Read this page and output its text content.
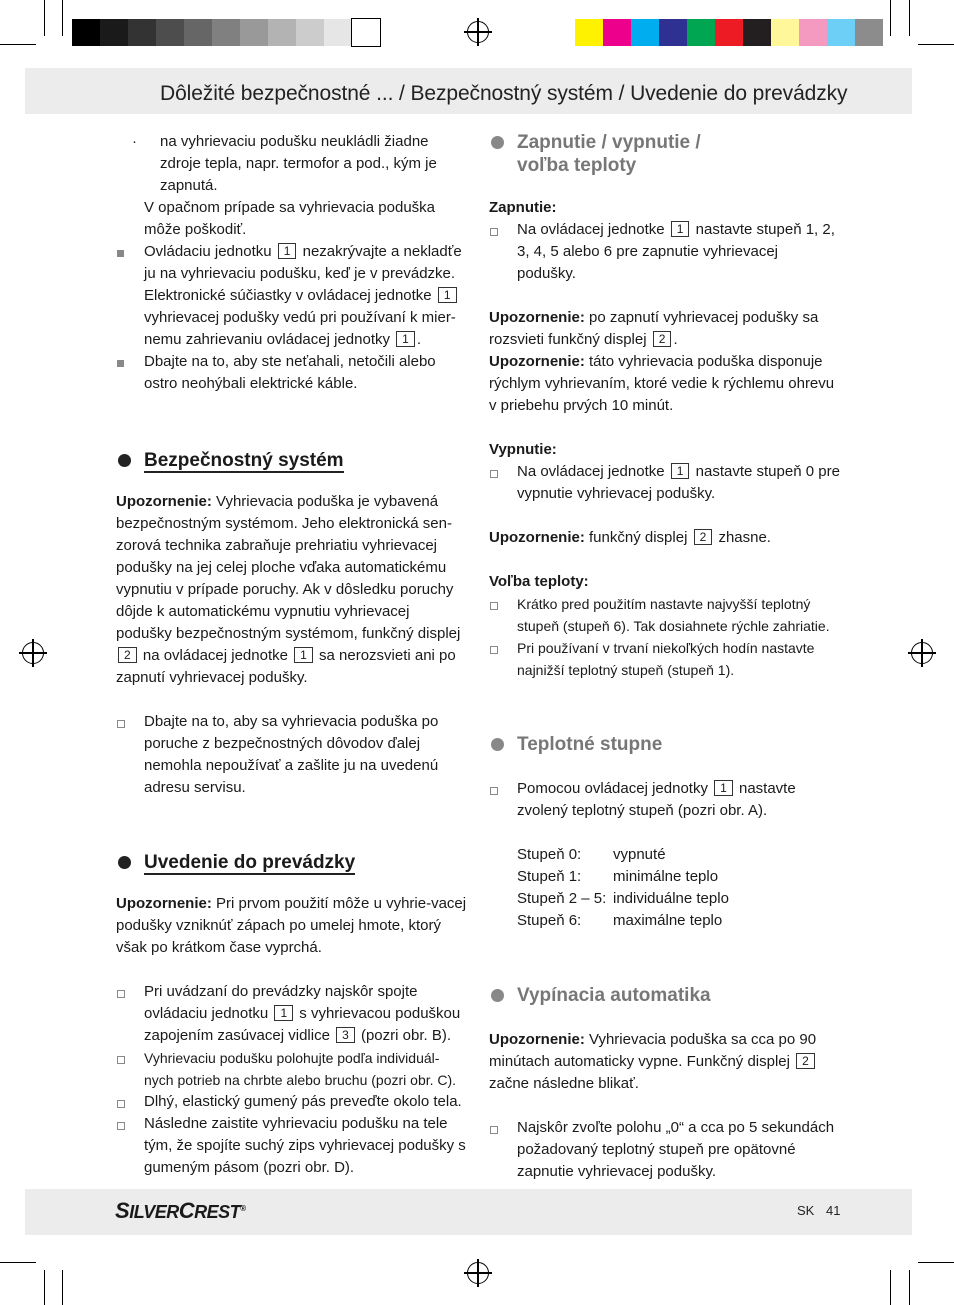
Dôležité bezpečnostné ... / Bezpečnostný systém / Uvedenie do prevádzky
· na vyhrievaciu podušku neukládli žiadne zdroje tepla, napr. termofor a pod., kým je zapnutá.

V opačnom prípade sa vyhrievacia poduška môže poškodiť.

Ovládaciu jednotku 1 nezakrývajte a nekladťe ju na vyhrievaciu podušku, keď je v prevádzke. Elektronické súčiastky v ovládacej jednotke 1 vyhrievacej podušky vedú pri používaní k mier-nemu zahrievaniu ovládacej jednotky 1 .

Dbajte na to, aby ste neťahali, netočili alebo ostro neohýbali elektrické káble.

Bezpečnostný systém

Upozornenie: Vyhrievacia poduška je vybavená bezpečnostným systémom. Jeho elektronická sen-zorová technika zabraňuje prehriatiu vyhrievacej podušky na jej celej ploche vďaka automatickému vypnutiu v prípade poruchy. Ak v dôsledku poruchy dôjde k automatickému vypnutiu vyhrievacej podušky bezpečnostným systémom, funkčný displej 2 na ovládacej jednotke 1 sa nerozsvieti ani po zapnutí vyhrievacej podušky.

Dbajte na to, aby sa vyhrievacia poduška po poruche z bezpečnostných dôvodov ďalej nemohla nepoužívať a zašlite ju na uvedenú adresu servisu.

Uvedenie do prevádzky

Upozornenie: Pri prvom použití môže u vyhrie-vacej podušky vzniknúť zápach po umelej hmote, ktorý však po krátkom čase vyprchá.

Pri uvádzaní do prevádzky najskôr spojte ovládaciu jednotku 1 s vyhrievacou poduškou zapojením zasúvacej vidlice 3 (pozri obr. B).

Vyhrievaciu podušku polohujte podľa individuál-nych potrieb na chrbte alebo bruchu (pozri obr. C).

Dlhý, elastický gumený pás preveďte okolo tela.

Následne zaistite vyhrievaciu podušku na tele tým, že spojíte suchý zips vyhrievacej podušky s gumeným pásom (pozri obr. D).

Zapnutie / vypnutie /
voľba teploty

Zapnutie:

Na ovládacej jednotke 1 nastavte stupeň 1, 2, 3, 4, 5 alebo 6 pre zapnutie vyhrievacej podušky.

Upozornenie: po zapnutí vyhrievacej podušky sa rozsvieti funkčný displej 2 .

Upozornenie: táto vyhrievacia poduška disponuje rýchlym vyhrievaním, ktoré vedie k rýchlemu ohrevu v priebehu prvých 10 minút.

Vypnutie:

Na ovládacej jednotke 1 nastavte stupeň 0 pre vypnutie vyhrievacej podušky.

Upozornenie: funkčný displej 2 zhasne.

Voľba teploty:

Krátko pred použitím nastavte najvyšší teplotný stupeň (stupeň 6). Tak dosiahnete rýchle zahriatie.

Pri používaní v trvaní niekoľkých hodín nastavte najnižší teplotný stupeň (stupeň 1).

Teplotné stupne

Pomocou ovládacej jednotky 1 nastavte zvolený teplotný stupeň (pozri obr. A).

Stupeň 0:	vypnuté
Stupeň 1:	minimálne teplo
Stupeň 2 – 5: individuálne teplo
Stupeň 6:	maximálne teplo
Vypínacia automatika

Upozornenie: Vyhrievacia poduška sa cca po 90 minútach automaticky vypne. Funkčný displej 2 začne následne blikať.

Najskôr zvoľte polohu „0“ a cca po 5 sekundách požadovaný teplotný stupeň pre opätovné zapnutie vyhrievacej podušky.

SILVERCREST®	SK 41
